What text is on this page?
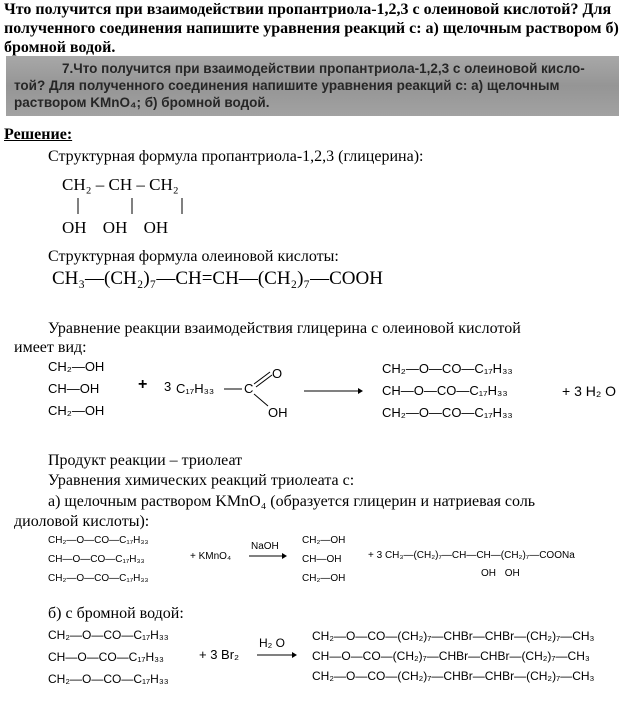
Что получится при взаимодействии пропантриола-1,2,3 с олеиновой кислотой? Для полученного соединения напишите уравнения реакций с: а) щелочным раствором б) бромной водой.
7.Что получится при взаимодействии пропантриола-1,2,3 с олеиновой кисло-
той? Для полученного соединения напишите уравнения реакций с: а) щелочным
раствором KMnO₄; б) бромной водой.
Решение:
Структурная формула пропантриола-1,2,3 (глицерина):
CH₂ – CH – CH₂
OH OH OH
Структурная формула олеиновой кислоты:
CH₃—(CH₂)₇—CH=CH—(CH₂)₇—COOH
Уравнение реакции взаимодействия глицерина с олеиновой кислотой
имеет вид:
CH₂—OH
CH—OH
CH₂—OH
+ 3 C₁₇H₃₃ C
O
OH
CH₂—O—CO—C₁₇H₃₃
CH—O—CO—C₁₇H₃₃
CH₂—O—CO—C₁₇H₃₃
+ 3 H₂ O
Продукт реакции – триолеат
Уравнения химических реакций триолеата с:
а) щелочным раствором KMnO₄ (образуется глицерин и натриевая соль
диоловой кислоты):
CH₂—O—CO—C₁₇H₃₃
CH—O—CO—C₁₇H₃₃
CH₂—O—CO—C₁₇H₃₃
+ KMnO₄
NaOH
CH₂—OH
CH—OH
CH₂—OH
+ 3 CH₃—(CH₂)₇—CH—CH—(CH₂)₇—COONa
OH OH
б) с бромной водой:
CH₂—O—CO—C₁₇H₃₃
CH—O—CO—C₁₇H₃₃
CH₂—O—CO—C₁₇H₃₃
+ 3 Br₂
H₂ O CH₂—O—CO—(CH₂)₇—CHBr—CHBr—(CH₂)₇—CH₃
CH—O—CO—(CH₂)₇—CHBr—CHBr—(CH₂)₇—CH₃
CH₂—O—CO—(CH₂)₇—CHBr—CHBr—(CH₂)₇—CH₃
